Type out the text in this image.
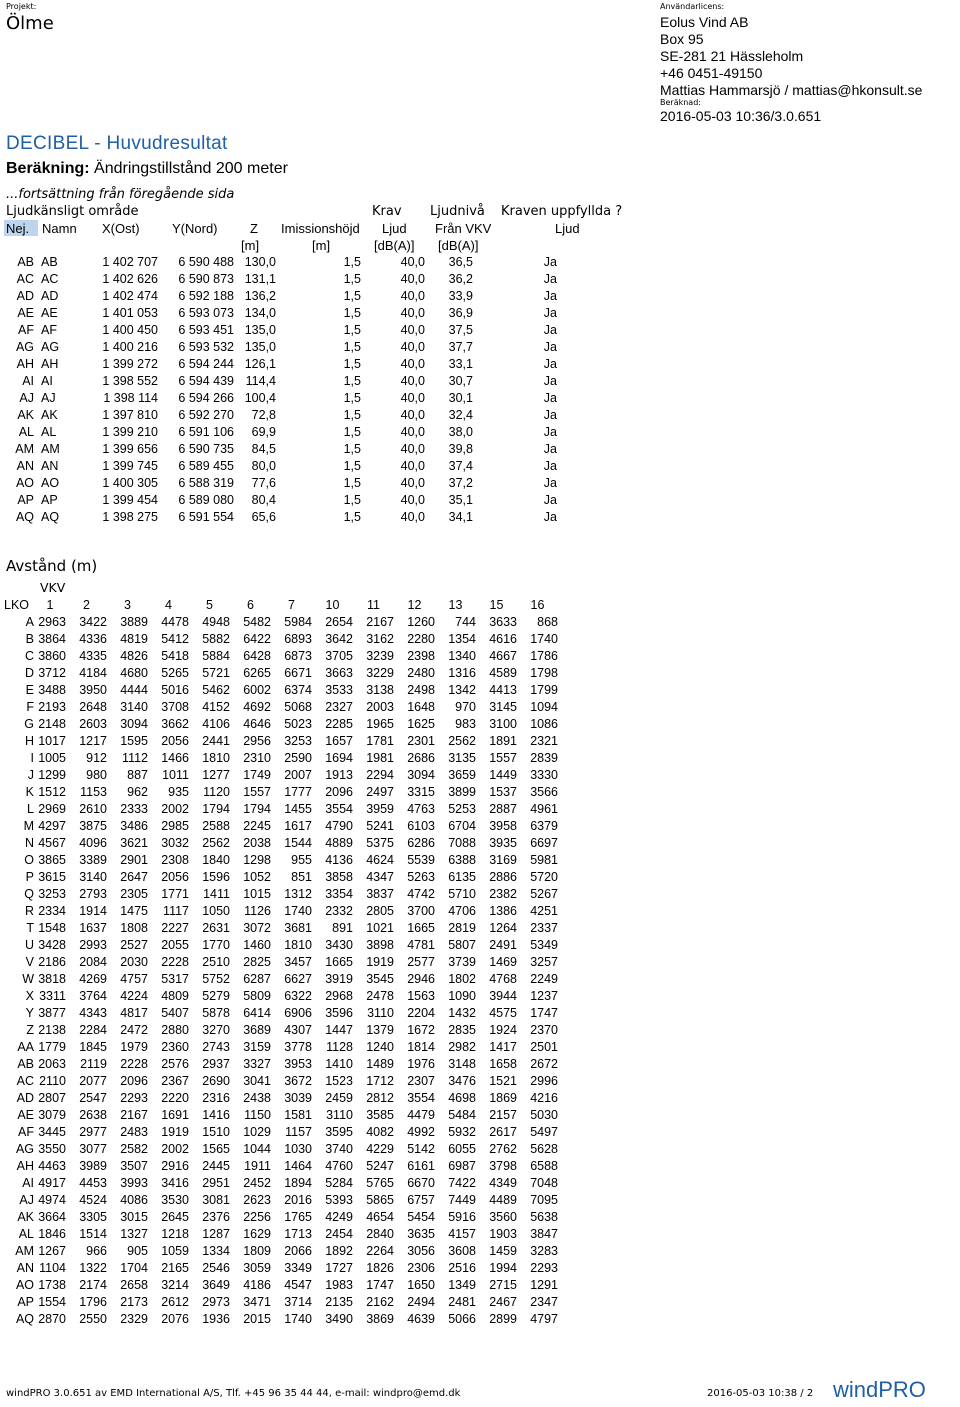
Projekt:
Ölme
Användarlicens:
Eolus Vind AB
Box 95
SE-281 21 Hässleholm
+46 0451-49150
Mattias Hammarsjö / mattias@hkonsult.se
Beräknad:
2016-05-03 10:36/3.0.651
DECIBEL - Huvudresultat
Beräkning: Ändringstillstånd 200 meter
...fortsättning från föregående sida
Ljudkänsligt område	Krav Ljudnivå Kraven uppfyllda ?
Nej. Namn X(Ost) Y(Nord) Z Imissionshöjd Ljud Från VKV	Ljud
[m]	[m]	[dB(A)] [dB(A)]
AB	AB	1 402 707	6 590 488	130,0	1,5	40,0	36,5	Ja
AC	AC	1 402 626	6 590 873	131,1	1,5	40,0	36,2	Ja
AD	AD	1 402 474	6 592 188	136,2	1,5	40,0	33,9	Ja
AE	AE	1 401 053	6 593 073	134,0	1,5	40,0	36,9	Ja
AF	AF	1 400 450	6 593 451	135,0	1,5	40,0	37,5	Ja
AG	AG	1 400 216	6 593 532	135,0	1,5	40,0	37,7	Ja
AH	AH	1 399 272	6 594 244	126,1	1,5	40,0	33,1	Ja
AI	AI	1 398 552	6 594 439	114,4	1,5	40,0	30,7	Ja
AJ	AJ	1 398 114	6 594 266	100,4	1,5	40,0	30,1	Ja
AK	AK	1 397 810	6 592 270	72,8	1,5	40,0	32,4	Ja
AL	AL	1 399 210	6 591 106	69,9	1,5	40,0	38,0	Ja
AM	AM	1 399 656	6 590 735	84,5	1,5	40,0	39,8	Ja
AN	AN	1 399 745	6 589 455	80,0	1,5	40,0	37,4	Ja
AO	AO	1 400 305	6 588 319	77,6	1,5	40,0	37,2	Ja
AP	AP	1 399 454	6 589 080	80,4	1,5	40,0	35,1	Ja
AQ	AQ	1 398 275	6 591 554	65,6	1,5	40,0	34,1	Ja
Avstånd (m)
VKV
LKO	1	2	3	4	5	6	7	10	11	12	13	15	16
A	2963	3422	3889	4478	4948	5482	5984	2654	2167	1260	744	3633	868
B	3864	4336	4819	5412	5882	6422	6893	3642	3162	2280	1354	4616	1740
C	3860	4335	4826	5418	5884	6428	6873	3705	3239	2398	1340	4667	1786
D	3712	4184	4680	5265	5721	6265	6671	3663	3229	2480	1316	4589	1798
E	3488	3950	4444	5016	5462	6002	6374	3533	3138	2498	1342	4413	1799
F	2193	2648	3140	3708	4152	4692	5068	2327	2003	1648	970	3145	1094
G	2148	2603	3094	3662	4106	4646	5023	2285	1965	1625	983	3100	1086
H	1017	1217	1595	2056	2441	2956	3253	1657	1781	2301	2562	1891	2321
I	1005	912	1112	1466	1810	2310	2590	1694	1981	2686	3135	1557	2839
J	1299	980	887	1011	1277	1749	2007	1913	2294	3094	3659	1449	3330
K	1512	1153	962	935	1120	1557	1777	2096	2497	3315	3899	1537	3566
L	2969	2610	2333	2002	1794	1794	1455	3554	3959	4763	5253	2887	4961
M	4297	3875	3486	2985	2588	2245	1617	4790	5241	6103	6704	3958	6379
N	4567	4096	3621	3032	2562	2038	1544	4889	5375	6286	7088	3935	6697
O	3865	3389	2901	2308	1840	1298	955	4136	4624	5539	6388	3169	5981
P	3615	3140	2647	2056	1596	1052	851	3858	4347	5263	6135	2886	5720
Q	3253	2793	2305	1771	1411	1015	1312	3354	3837	4742	5710	2382	5267
R	2334	1914	1475	1117	1050	1126	1740	2332	2805	3700	4706	1386	4251
T	1548	1637	1808	2227	2631	3072	3681	891	1021	1665	2819	1264	2337
U	3428	2993	2527	2055	1770	1460	1810	3430	3898	4781	5807	2491	5349
V	2186	2084	2030	2228	2510	2825	3457	1665	1919	2577	3739	1469	3257
W	3818	4269	4757	5317	5752	6287	6627	3919	3545	2946	1802	4768	2249
X	3311	3764	4224	4809	5279	5809	6322	2968	2478	1563	1090	3944	1237
Y	3877	4343	4817	5407	5878	6414	6906	3596	3110	2204	1432	4575	1747
Z	2138	2284	2472	2880	3270	3689	4307	1447	1379	1672	2835	1924	2370
AA	1779	1845	1979	2360	2743	3159	3778	1128	1240	1814	2982	1417	2501
AB	2063	2119	2228	2576	2937	3327	3953	1410	1489	1976	3148	1658	2672
AC	2110	2077	2096	2367	2690	3041	3672	1523	1712	2307	3476	1521	2996
AD	2807	2547	2293	2220	2316	2438	3039	2459	2812	3554	4698	1869	4216
AE	3079	2638	2167	1691	1416	1150	1581	3110	3585	4479	5484	2157	5030
AF	3445	2977	2483	1919	1510	1029	1157	3595	4082	4992	5932	2617	5497
AG	3550	3077	2582	2002	1565	1044	1030	3740	4229	5142	6055	2762	5628
AH	4463	3989	3507	2916	2445	1911	1464	4760	5247	6161	6987	3798	6588
AI	4917	4453	3993	3416	2951	2452	1894	5284	5765	6670	7422	4349	7048
AJ	4974	4524	4086	3530	3081	2623	2016	5393	5865	6757	7449	4489	7095
AK	3664	3305	3015	2645	2376	2256	1765	4249	4654	5454	5916	3560	5638
AL	1846	1514	1327	1218	1287	1629	1713	2454	2840	3635	4157	1903	3847
AM	1267	966	905	1059	1334	1809	2066	1892	2264	3056	3608	1459	3283
AN	1104	1322	1704	2165	2546	3059	3349	1727	1826	2306	2516	1994	2293
AO	1738	2174	2658	3214	3649	4186	4547	1983	1747	1650	1349	2715	1291
AP	1554	1796	2173	2612	2973	3471	3714	2135	2162	2494	2481	2467	2347
AQ	2870	2550	2329	2076	1936	2015	1740	3490	3869	4639	5066	2899	4797
windPRO 3.0.651 av EMD International A/S, Tlf. +45 96 35 44 44, e-mail: windpro@emd.dk	2016-05-03 10:38 / 2 windPRO
